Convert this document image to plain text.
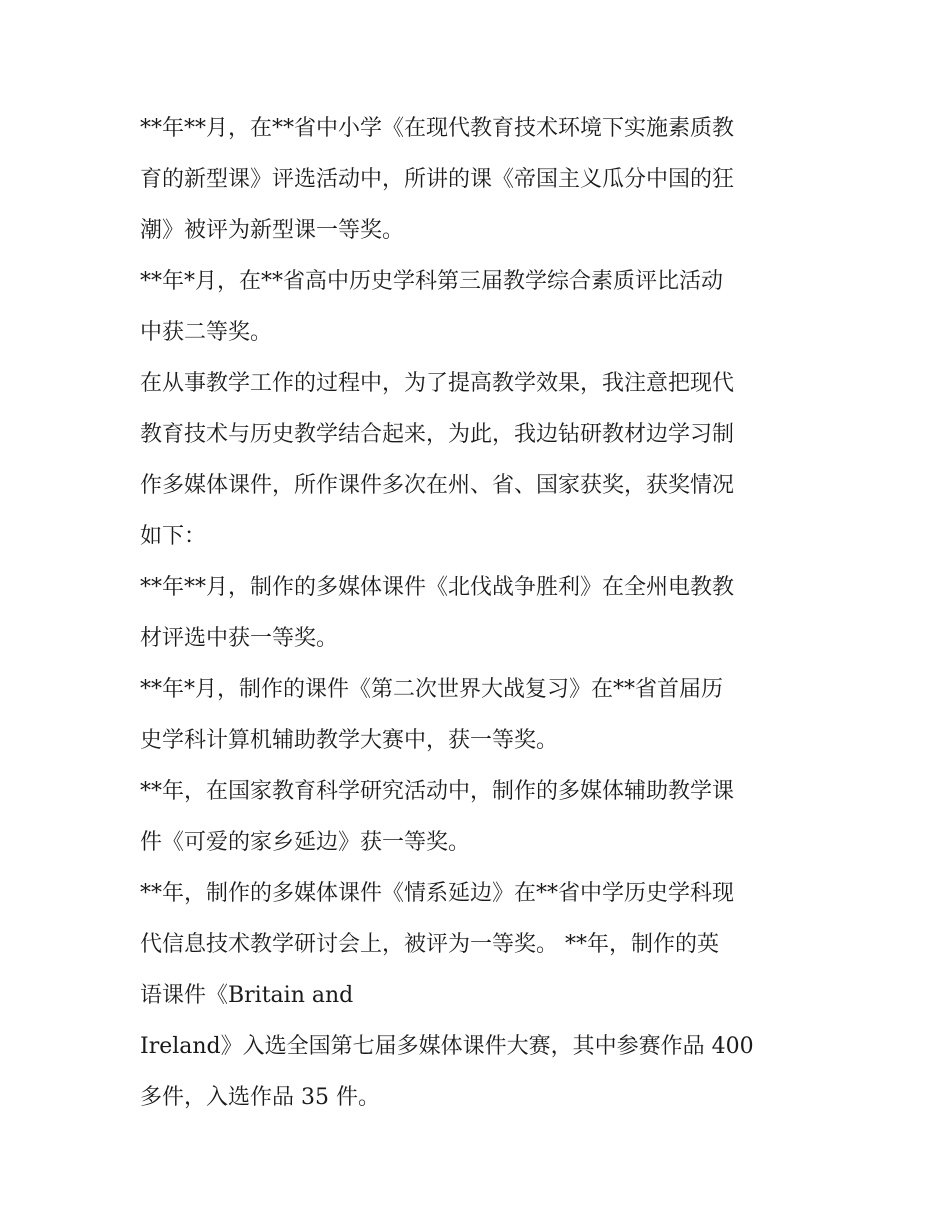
**年**月，在**省中小学《在现代教育技术环境下实施素质教

育的新型课》评选活动中，所讲的课《帝国主义瓜分中国的狂

潮》被评为新型课一等奖。

**年*月，在**省高中历史学科第三届教学综合素质评比活动

中获二等奖。

在从事教学工作的过程中，为了提高教学效果，我注意把现代

教育技术与历史教学结合起来，为此，我边钻研教材边学习制

作多媒体课件，所作课件多次在州、省、国家获奖，获奖情况

如下：

**年**月，制作的多媒体课件《北伐战争胜利》在全州电教教

材评选中获一等奖。

**年*月，制作的课件《第二次世界大战复习》在**省首届历

史学科计算机辅助教学大赛中，获一等奖。

**年，在国家教育科学研究活动中，制作的多媒体辅助教学课

件《可爱的家乡延边》获一等奖。

**年，制作的多媒体课件《情系延边》在**省中学历史学科现

代信息技术教学研讨会上，被评为一等奖。 **年，制作的英

语课件《Britain and

Ireland》入选全国第七届多媒体课件大赛，其中参赛作品 400

多件，入选作品 35 件。
